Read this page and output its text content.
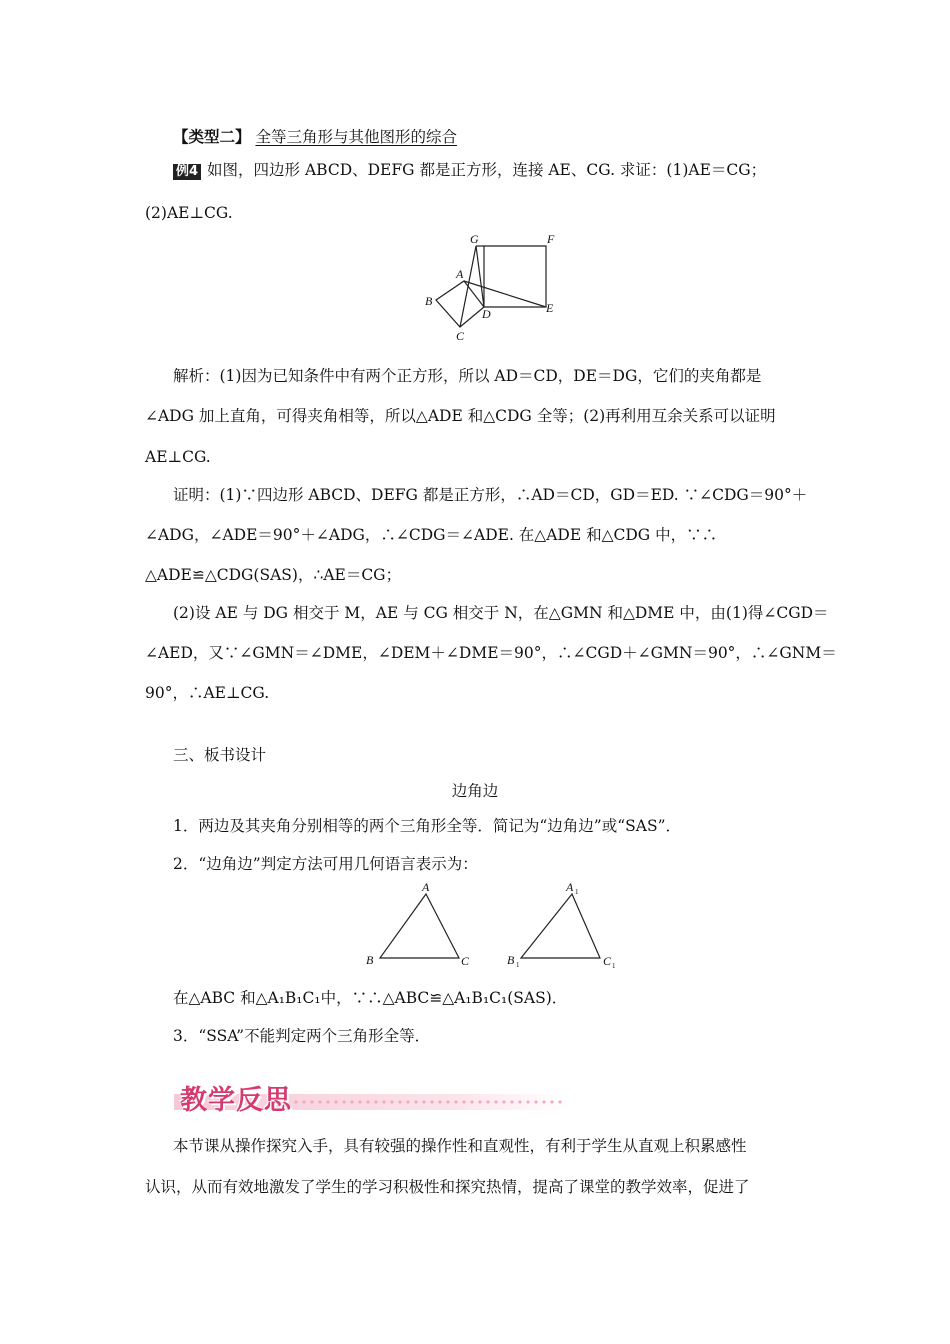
【类型二】 全等三角形与其他图形的综合
例4 如图，四边形 ABCD、DEFG 都是正方形，连接 AE、CG. 求证：(1)AE＝CG；
(2)AE⊥CG.
G	F
A
B
D	E
C
解析：(1)因为已知条件中有两个正方形，所以 AD＝CD，DE＝DG，它们的夹角都是
∠ADG 加上直角，可得夹角相等，所以△ADE 和△CDG 全等；(2)再利用互余关系可以证明
AE⊥CG.
证明：(1)∵四边形 ABCD、DEFG 都是正方形，∴AD＝CD，GD＝ED. ∵∠CDG＝90°＋
∠ADG，∠ADE＝90°＋∠ADG，∴∠CDG＝∠ADE. 在△ADE 和△CDG 中，∵∴
△ADE≌△CDG(SAS)，∴AE＝CG；
(2)设 AE 与 DG 相交于 M，AE 与 CG 相交于 N，在△GMN 和△DME 中，由(1)得∠CGD＝
∠AED，又∵∠GMN＝∠DME，∠DEM＋∠DME＝90°，∴∠CGD＋∠GMN＝90°，∴∠GNM＝
90°，∴AE⊥CG.
三、板书设计
边角边
1．两边及其夹角分别相等的两个三角形全等．简记为“边角边”或“SAS”．
2．“边角边”判定方法可用几何语言表示为：
A
B	C
A
B	C
1
1	1
在△ABC 和△A₁B₁C₁中，∵∴△ABC≌△A₁B₁C₁(SAS)．
3．“SSA”不能判定两个三角形全等．
教学反思
本节课从操作探究入手，具有较强的操作性和直观性，有利于学生从直观上积累感性
认识，从而有效地激发了学生的学习积极性和探究热情，提高了课堂的教学效率，促进了
